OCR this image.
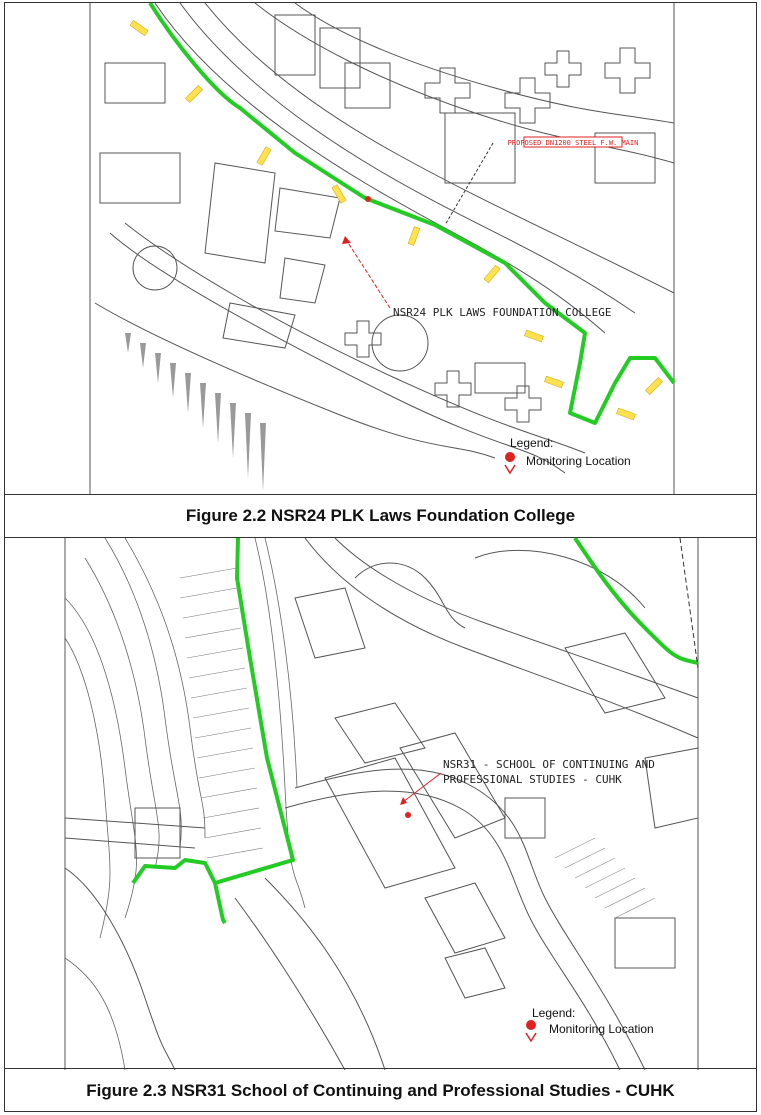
PROPOSED DN1200 STEEL F.W. MAIN
NSR24 PLK LAWS FOUNDATION COLLEGE
Legend:
Monitoring Location
Figure 2.2 NSR24 PLK Laws Foundation College
NSR31 - SCHOOL OF CONTINUING AND
PROFESSIONAL STUDIES - CUHK
Legend:
Monitoring Location
Figure 2.3 NSR31 School of Continuing and Professional Studies - CUHK
